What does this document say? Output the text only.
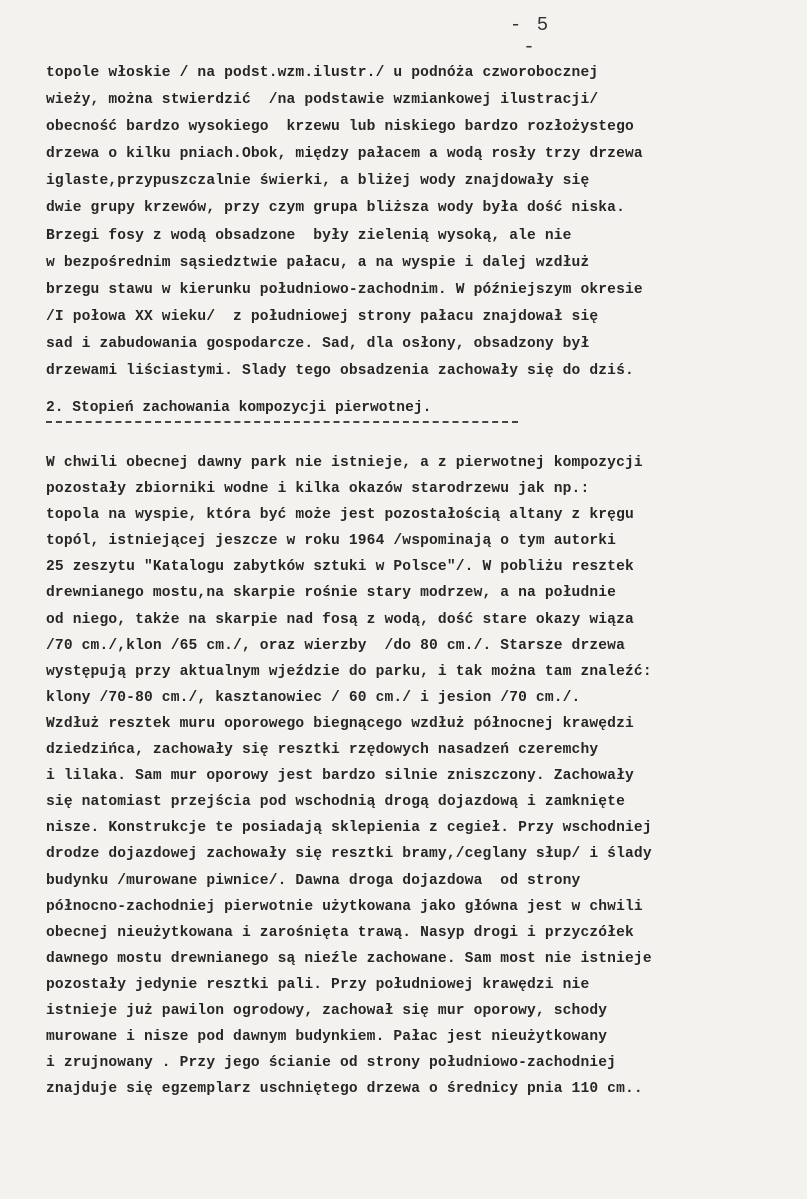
- 5 -
topole włoskie / na podst.wzm.ilustr./ u podnóża czworobocznej
wieży, można stwierdzić  /na podstawie wzmiankowej ilustracji/
obecność bardzo wysokiego  krzewu lub niskiego bardzo rozłożystego
drzewa o kilku pniach.Obok, między pałacem a wodą rosły trzy drzewa
iglaste,przypuszczalnie świerki, a bliżej wody znajdowały się
dwie grupy krzewów, przy czym grupa bliższa wody była dość niska.
Brzegi fosy z wodą obsadzone  były zielenią wysoką, ale nie
w bezpośrednim sąsiedztwie pałacu, a na wyspie i dalej wzdłuż
brzegu stawu w kierunku południowo-zachodnim. W późniejszym okresie
/I połowa XX wieku/  z południowej strony pałacu znajdował się
sad i zabudowania gospodarcze. Sad, dla osłony, obsadzony był
drzewami liściastymi. Slady tego obsadzenia zachowały się do dziś.
2. Stopień zachowania kompozycji pierwotnej.
W chwili obecnej dawny park nie istnieje, a z pierwotnej kompozycji
pozostały zbiorniki wodne i kilka okazów starodrzewu jak np.:
topola na wyspie, która być może jest pozostałością altany z kręgu
topól, istniejącej jeszcze w roku 1964 /wspominają o tym autorki
25 zeszytu "Katalogu zabytków sztuki w Polsce"/. W pobliżu resztek
drewnianego mostu,na skarpie rośnie stary modrzew, a na południe
od niego, także na skarpie nad fosą z wodą, dość stare okazy wiąza
/70 cm./,klon /65 cm./, oraz wierzby  /do 80 cm./. Starsze drzewa
występują przy aktualnym wjeździe do parku, i tak można tam znaleźć:
klony /70-80 cm./, kasztanowiec / 60 cm./ i jesion /70 cm./.
Wzdłuż resztek muru oporowego biegnącego wzdłuż północnej krawędzi
dziedzińca, zachowały się resztki rzędowych nasadzeń czeremchy
i lilaka. Sam mur oporowy jest bardzo silnie zniszczony. Zachowały
się natomiast przejścia pod wschodnią drogą dojazdową i zamknięte
nisze. Konstrukcje te posiadają sklepienia z cegieł. Przy wschodniej
drodze dojazdowej zachowały się resztki bramy,/ceglany słup/ i ślady
budynku /murowane piwnice/. Dawna droga dojazdowa  od strony
północno-zachodniej pierwotnie użytkowana jako główna jest w chwili
obecnej nieużytkowana i zarośnięta trawą. Nasyp drogi i przyczółek
dawnego mostu drewnianego są nieźle zachowane. Sam most nie istnieje
pozostały jedynie resztki pali. Przy południowej krawędzi nie
istnieje już pawilon ogrodowy, zachował się mur oporowy, schody
murowane i nisze pod dawnym budynkiem. Pałac jest nieużytkowany
i zrujnowany . Przy jego ścianie od strony południowo-zachodniej
znajduje się egzemplarz uschniętego drzewa o średnicy pnia 110 cm..
